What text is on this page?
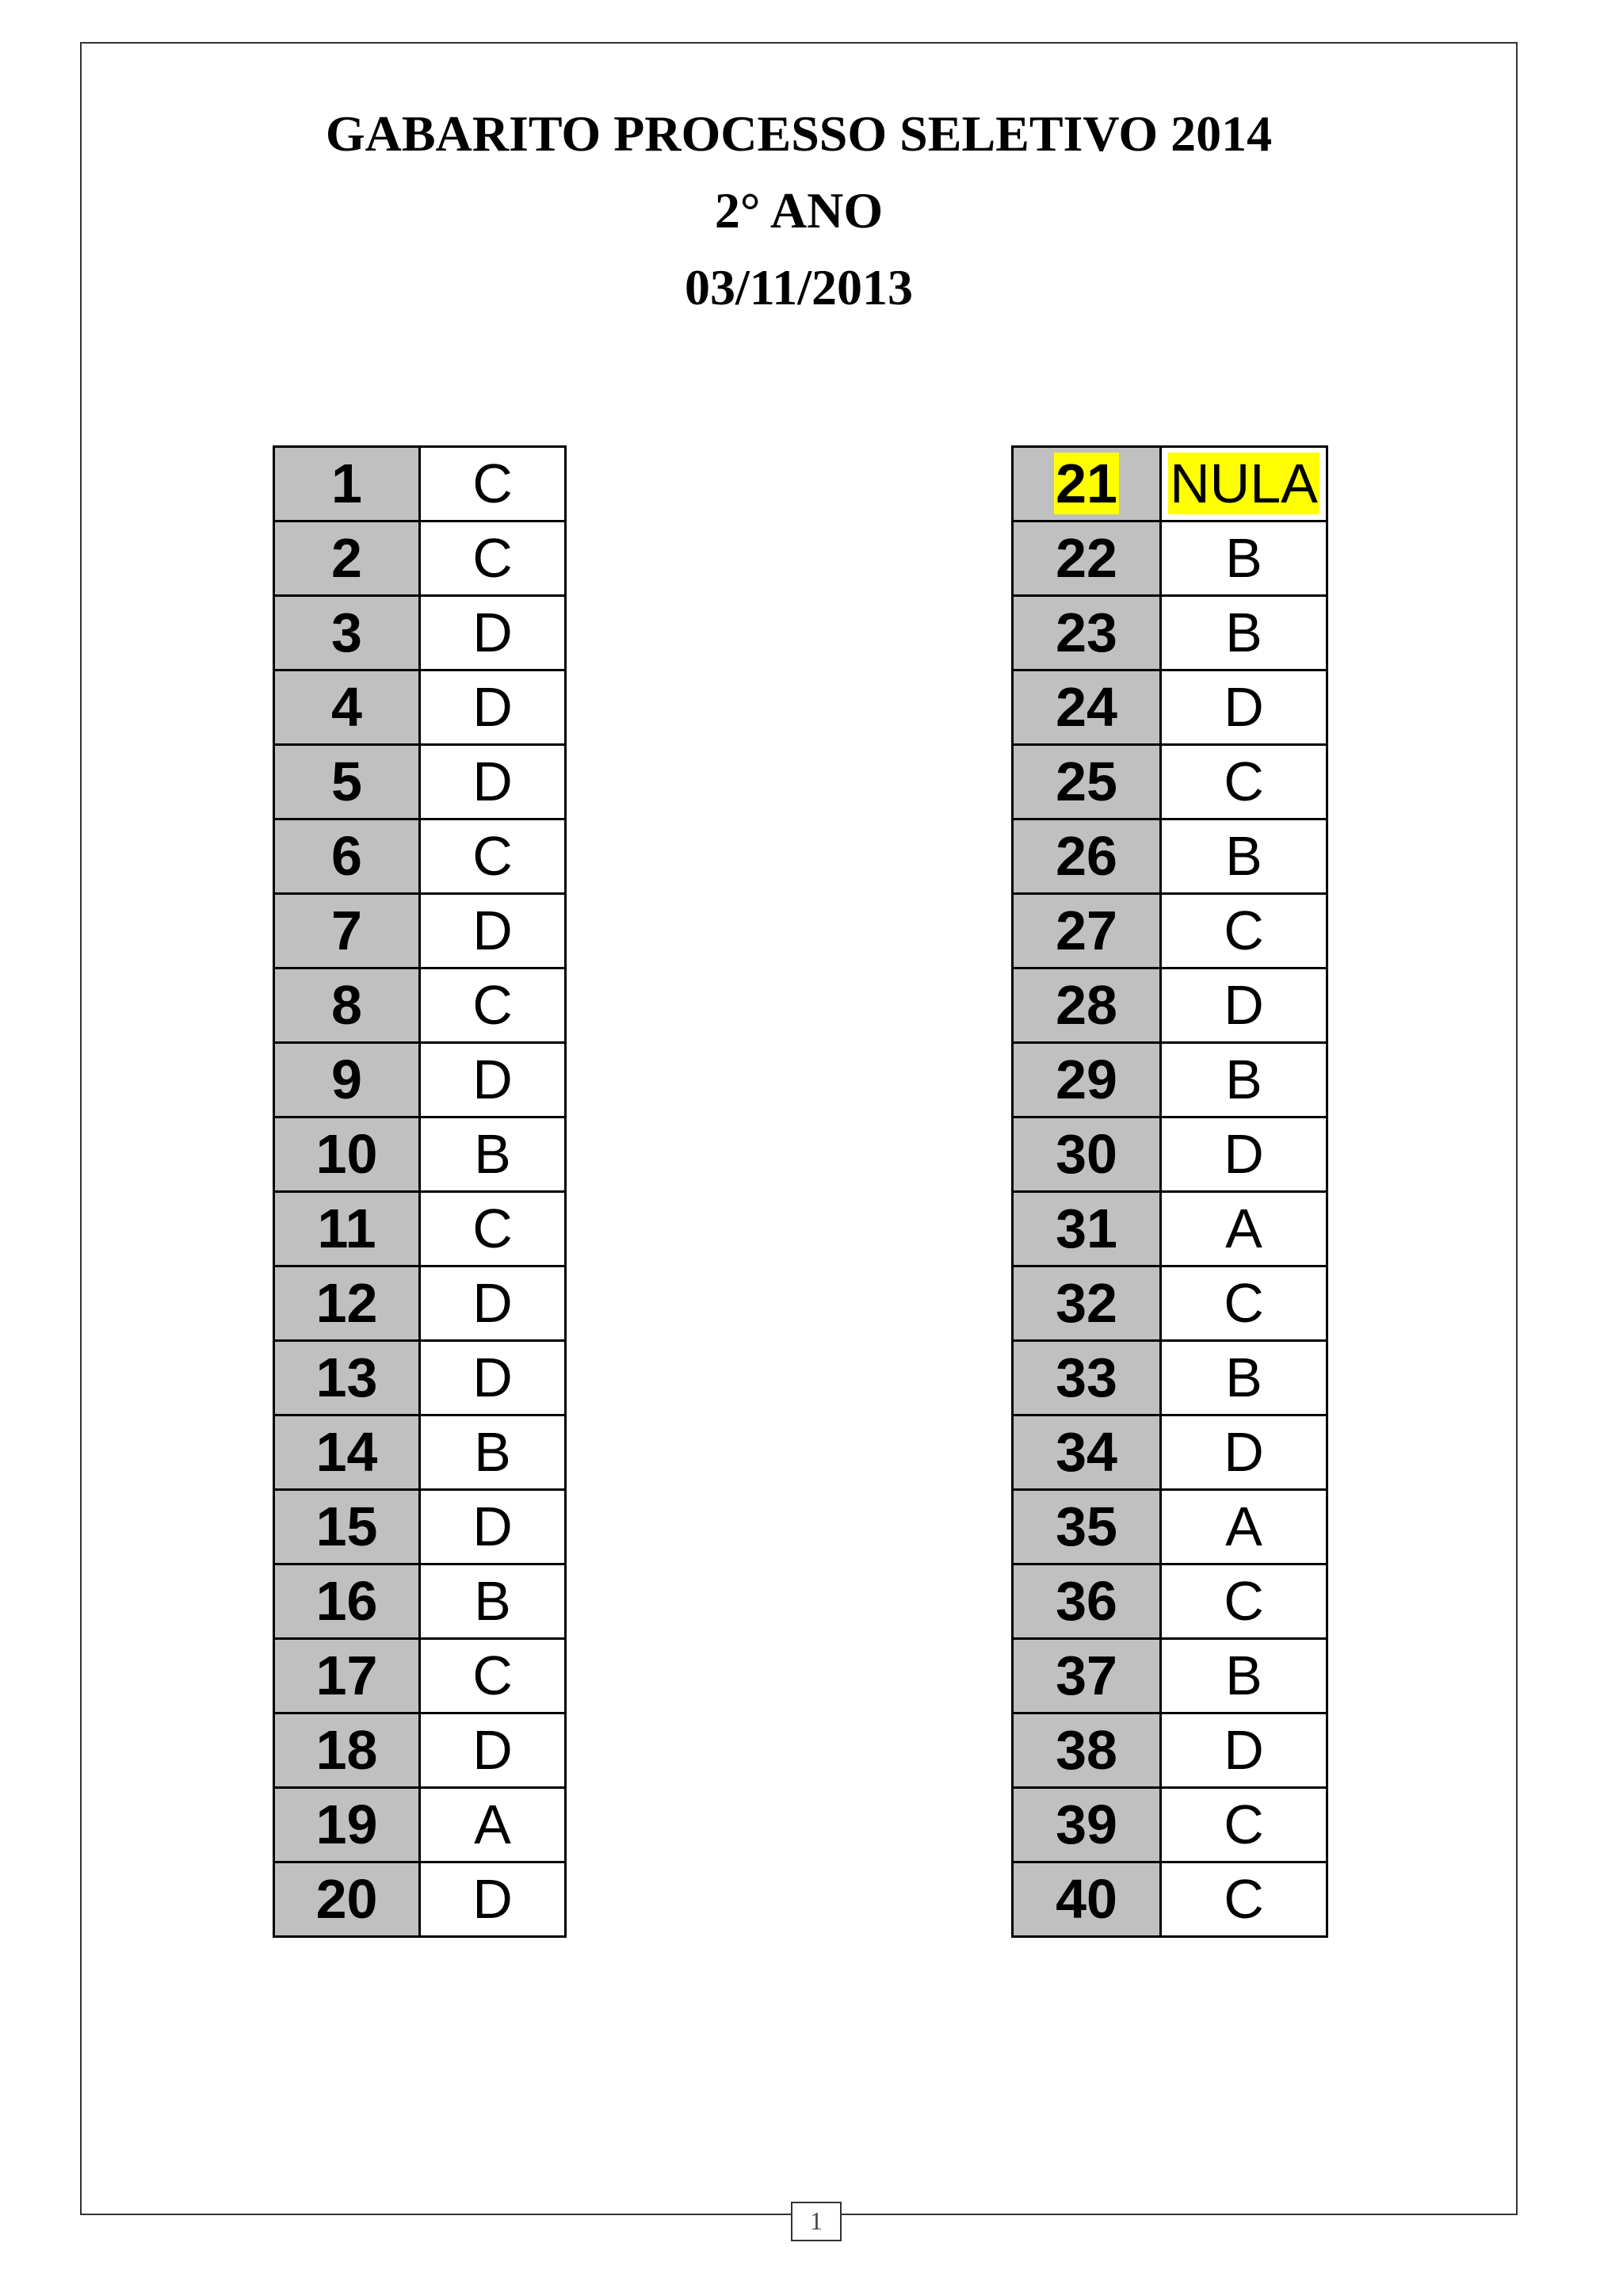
GABARITO PROCESSO SELETIVO 2014
2° ANO
03/11/2013
1	C
2	C
3	D
4	D
5	D
6	C
7	D
8	C
9	D
10	B
11	C
12	D
13	D
14	B
15	D
16	B
17	C
18	D
19	A
20	D
21	NULA
22	B
23	B
24	D
25	C
26	B
27	C
28	D
29	B
30	D
31	A
32	C
33	B
34	D
35	A
36	C
37	B
38	D
39	C
40	C
1
